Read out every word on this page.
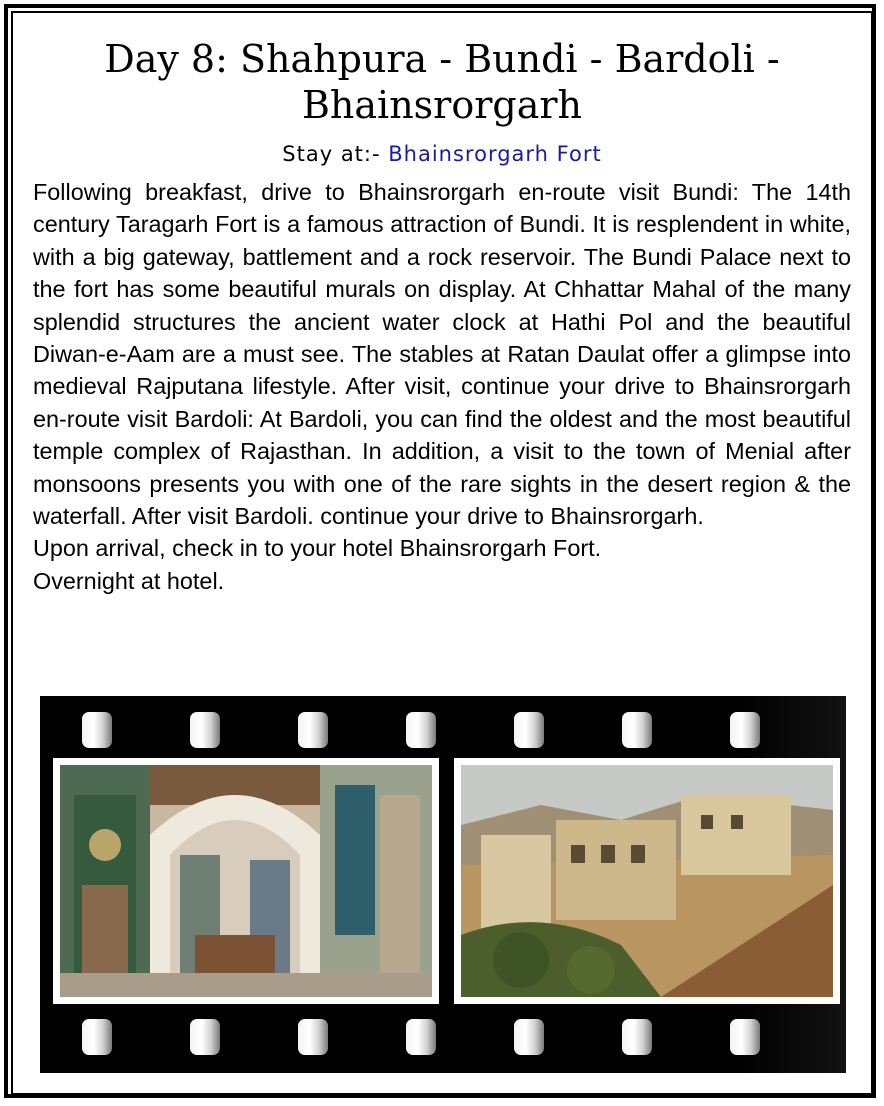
Day 8: Shahpura - Bundi - Bardoli - Bhainsrorgarh
Stay at:- Bhainsrorgarh Fort

Following breakfast, drive to Bhainsrorgarh en-route visit Bundi: The 14th century Taragarh Fort is a famous attraction of Bundi. It is resplendent in white, with a big gateway, battlement and a rock reservoir. The Bundi Palace next to the fort has some beautiful murals on display. At Chhattar Mahal of the many splendid structures the ancient water clock at Hathi Pol and the beautiful Diwan-e-Aam are a must see. The stables at Ratan Daulat offer a glimpse into medieval Rajputana lifestyle. After visit, continue your drive to Bhainsrorgarh en-route visit Bardoli: At Bardoli, you can find the oldest and the most beautiful temple complex of Rajasthan. In addition, a visit to the town of Menial after monsoons presents you with one of the rare sights in the desert region & the waterfall. After visit Bardoli. continue your drive to Bhainsrorgarh.

Upon arrival, check in to your hotel Bhainsrorgarh Fort.

Overnight at hotel.
